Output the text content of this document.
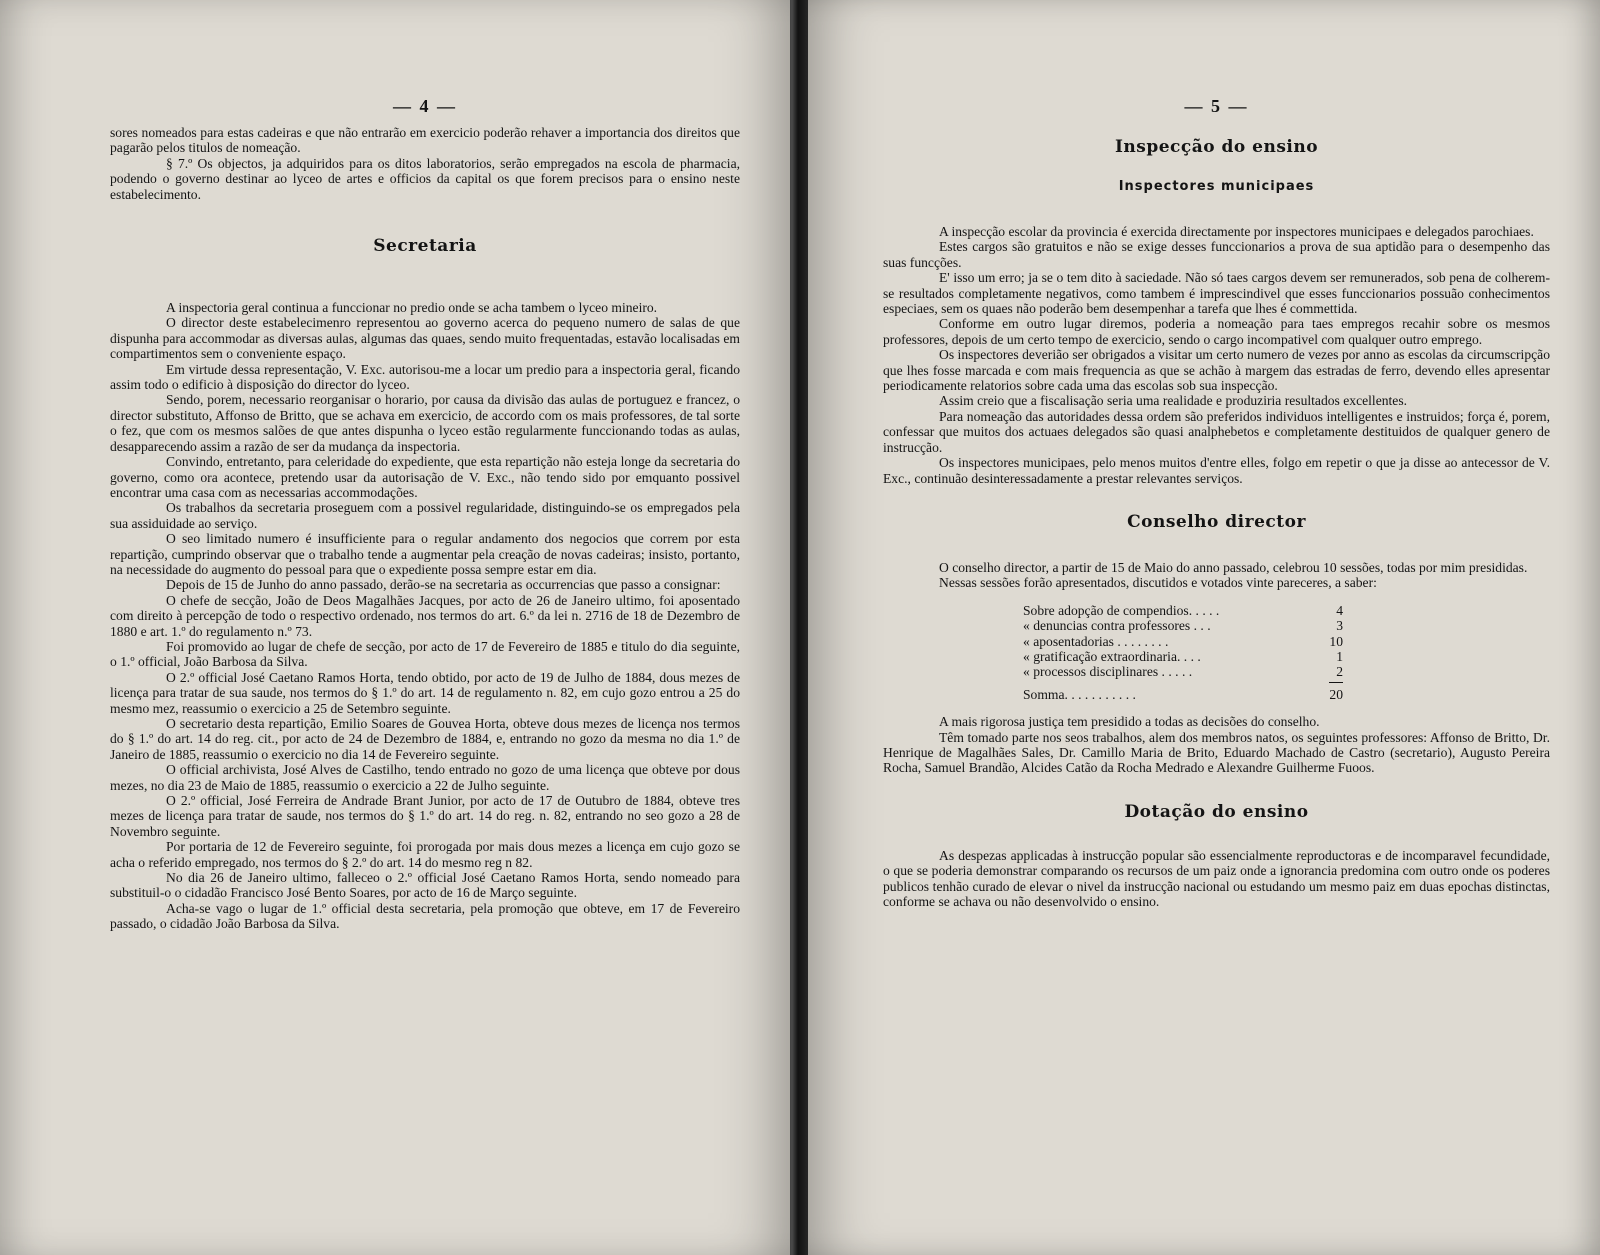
— 4 —

sores nomeados para estas cadeiras e que não entrarão em exercicio poderão rehaver a importancia dos direitos que pagarão pelos titulos de nomeação.

§ 7.º Os objectos, ja adquiridos para os ditos laboratorios, serão empregados na escola de pharmacia, podendo o governo destinar ao lyceo de artes e officios da capital os que forem precisos para o ensino neste estabelecimento.

Secretaria

A inspectoria geral continua a funccionar no predio onde se acha tambem o lyceo mineiro.

O director deste estabelecimenro representou ao governo acerca do pequeno numero de salas de que dispunha para accommodar as diversas aulas, algumas das quaes, sendo muito frequentadas, estavão localisadas em compartimentos sem o conveniente espaço.

Em virtude dessa representação, V. Exc. autorisou-me a locar um predio para a inspectoria geral, ficando assim todo o edificio à disposição do director do lyceo.

Sendo, porem, necessario reorganisar o horario, por causa da divisão das aulas de portuguez e francez, o director substituto, Affonso de Britto, que se achava em exercicio, de accordo com os mais professores, de tal sorte o fez, que com os mesmos salões de que antes dispunha o lyceo estão regularmente funccionando todas as aulas, desapparecendo assim a razão de ser da mudança da inspectoria.

Convindo, entretanto, para celeridade do expediente, que esta repartição não esteja longe da secretaria do governo, como ora acontece, pretendo usar da autorisação de V. Exc., não tendo sido por emquanto possivel encontrar uma casa com as necessarias accommodações.

Os trabalhos da secretaria proseguem com a possivel regularidade, distinguindo-se os empregados pela sua assiduidade ao serviço.

O seo limitado numero é insufficiente para o regular andamento dos negocios que correm por esta repartição, cumprindo observar que o trabalho tende a augmentar pela creação de novas cadeiras; insisto, portanto, na necessidade do augmento do pessoal para que o expediente possa sempre estar em dia.

Depois de 15 de Junho do anno passado, derão-se na secretaria as occurrencias que passo a consignar:

O chefe de secção, João de Deos Magalhães Jacques, por acto de 26 de Janeiro ultimo, foi aposentado com direito à percepção de todo o respectivo ordenado, nos termos do art. 6.º da lei n. 2716 de 18 de Dezembro de 1880 e art. 1.º do regulamento n.º 73.

Foi promovido ao lugar de chefe de secção, por acto de 17 de Fevereiro de 1885 e titulo do dia seguinte, o 1.º official, João Barbosa da Silva.

O 2.º official José Caetano Ramos Horta, tendo obtido, por acto de 19 de Julho de 1884, dous mezes de licença para tratar de sua saude, nos termos do § 1.º do art. 14 de regulamento n. 82, em cujo gozo entrou a 25 do mesmo mez, reassumio o exercicio a 25 de Setembro seguinte.

O secretario desta repartição, Emilio Soares de Gouvea Horta, obteve dous mezes de licença nos termos do § 1.º do art. 14 do reg. cit., por acto de 24 de Dezembro de 1884, e, entrando no gozo da mesma no dia 1.º de Janeiro de 1885, reassumio o exercicio no dia 14 de Fevereiro seguinte.

O official archivista, José Alves de Castilho, tendo entrado no gozo de uma licença que obteve por dous mezes, no dia 23 de Maio de 1885, reassumio o exercicio a 22 de Julho seguinte.

O 2.º official, José Ferreira de Andrade Brant Junior, por acto de 17 de Outubro de 1884, obteve tres mezes de licença para tratar de saude, nos termos do § 1.º do art. 14 do reg. n. 82, entrando no seo gozo a 28 de Novembro seguinte.

Por portaria de 12 de Fevereiro seguinte, foi prorogada por mais dous mezes a licença em cujo gozo se acha o referido empregado, nos termos do § 2.º do art. 14 do mesmo reg n 82.

No dia 26 de Janeiro ultimo, falleceo o 2.º official José Caetano Ramos Horta, sendo nomeado para substituil-o o cidadão Francisco José Bento Soares, por acto de 16 de Março seguinte.

Acha-se vago o lugar de 1.º official desta secretaria, pela promoção que obteve, em 17 de Fevereiro passado, o cidadão João Barbosa da Silva.

— 5 —
Inspecção do ensino
Inspectores municipaes

A inspecção escolar da provincia é exercida directamente por inspectores municipaes e delegados parochiaes.

Estes cargos são gratuitos e não se exige desses funccionarios a prova de sua aptidão para o desempenho das suas funcções.

E' isso um erro; ja se o tem dito à saciedade. Não só taes cargos devem ser remunerados, sob pena de colherem-se resultados completamente negativos, como tambem é imprescindivel que esses funccionarios possuão conhecimentos especiaes, sem os quaes não poderão bem desempenhar a tarefa que lhes é commettida.

Conforme em outro lugar diremos, poderia a nomeação para taes empregos recahir sobre os mesmos professores, depois de um certo tempo de exercicio, sendo o cargo incompativel com qualquer outro emprego.

Os inspectores deverião ser obrigados a visitar um certo numero de vezes por anno as escolas da circumscripção que lhes fosse marcada e com mais frequencia as que se achão à margem das estradas de ferro, devendo elles apresentar periodicamente relatorios sobre cada uma das escolas sob sua inspecção.

Assim creio que a fiscalisação seria uma realidade e produziria resultados excellentes.

Para nomeação das autoridades dessa ordem são preferidos individuos intelligentes e instruidos; força é, porem, confessar que muitos dos actuaes delegados são quasi analphebetos e completamente destituidos de qualquer genero de instrucção.

Os inspectores municipaes, pelo menos muitos d'entre elles, folgo em repetir o que ja disse ao antecessor de V. Exc., continuão desinteressadamente a prestar relevantes serviços.

Conselho director

O conselho director, a partir de 15 de Maio do anno passado, celebrou 10 sessões, todas por mim presididas.

Nessas sessões forão apresentados, discutidos e votados vinte pareceres, a saber:

Sobre adopção de compendios. . . . .	4
« denuncias contra professores . . .	3
« aposentadorias . . . . . . . .	10
« gratificação extraordinaria. . . .	1
« processos disciplinares . . . . .	2
Somma. . . . . . . . . . .	20

A mais rigorosa justiça tem presidido a todas as decisões do conselho.

Têm tomado parte nos seos trabalhos, alem dos membros natos, os seguintes professores: Affonso de Britto, Dr. Henrique de Magalhães Sales, Dr. Camillo Maria de Brito, Eduardo Machado de Castro (secretario), Augusto Pereira Rocha, Samuel Brandão, Alcides Catão da Rocha Medrado e Alexandre Guilherme Fuoos.

Dotação do ensino

As despezas applicadas à instrucção popular são essencialmente reproductoras e de incomparavel fecundidade, o que se poderia demonstrar comparando os recursos de um paiz onde a ignorancia predomina com outro onde os poderes publicos tenhão curado de elevar o nivel da instrucção nacional ou estudando um mesmo paiz em duas epochas distinctas, conforme se achava ou não desenvolvido o ensino.
